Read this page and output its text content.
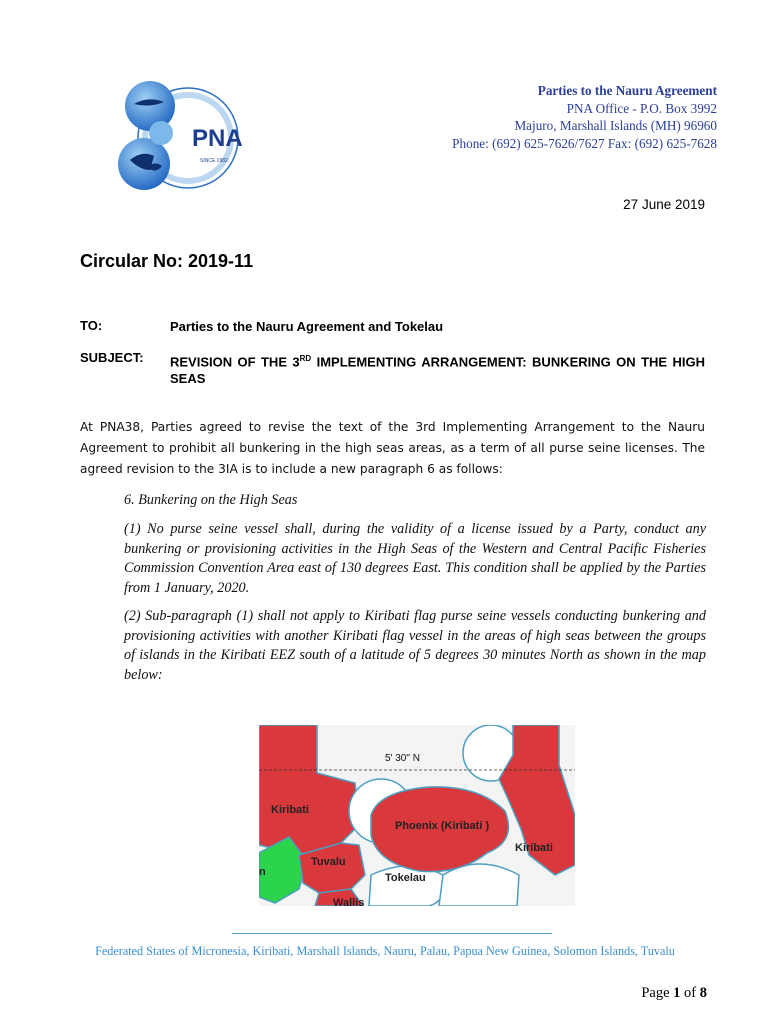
PNA
SINCE 1982
Parties to the Nauru Agreement
PNA Office - P.O. Box 3992
Majuro, Marshall Islands (MH) 96960
Phone: (692) 625-7626/7627 Fax: (692) 625-7628
27 June 2019
Circular No: 2019-11
TO:	Parties to the Nauru Agreement and Tokelau
SUBJECT: REVISION OF THE 3RD IMPLEMENTING ARRANGEMENT: BUNKERING ON THE HIGH SEAS
At PNA38, Parties agreed to revise the text of the 3rd Implementing Arrangement to the Nauru Agreement to prohibit all bunkering in the high seas areas, as a term of all purse seine licenses. The agreed revision to the 3IA is to include a new paragraph 6 as follows:
6. Bunkering on the High Seas
(1) No purse seine vessel shall, during the validity of a license issued by a Party, conduct any bunkering or provisioning activities in the High Seas of the Western and Central Pacific Fisheries Commission Convention Area east of 130 degrees East. This condition shall be applied by the Parties from 1 January, 2020.
(2) Sub-paragraph (1) shall not apply to Kiribati flag purse seine vessels conducting bunkering and provisioning activities with another Kiribati flag vessel in the areas of high seas between the groups of islands in the Kiribati EEZ south of a latitude of 5 degrees 30 minutes North as shown in the map below:
5' 30" N
Kiribati
Phoenix (Kiribati )
Kiribati
Tuvalu
Tokelau
Wallis
n
Federated States of Micronesia, Kiribati, Marshall Islands, Nauru, Palau, Papua New Guinea, Solomon Islands, Tuvalu
Page 1 of 8
